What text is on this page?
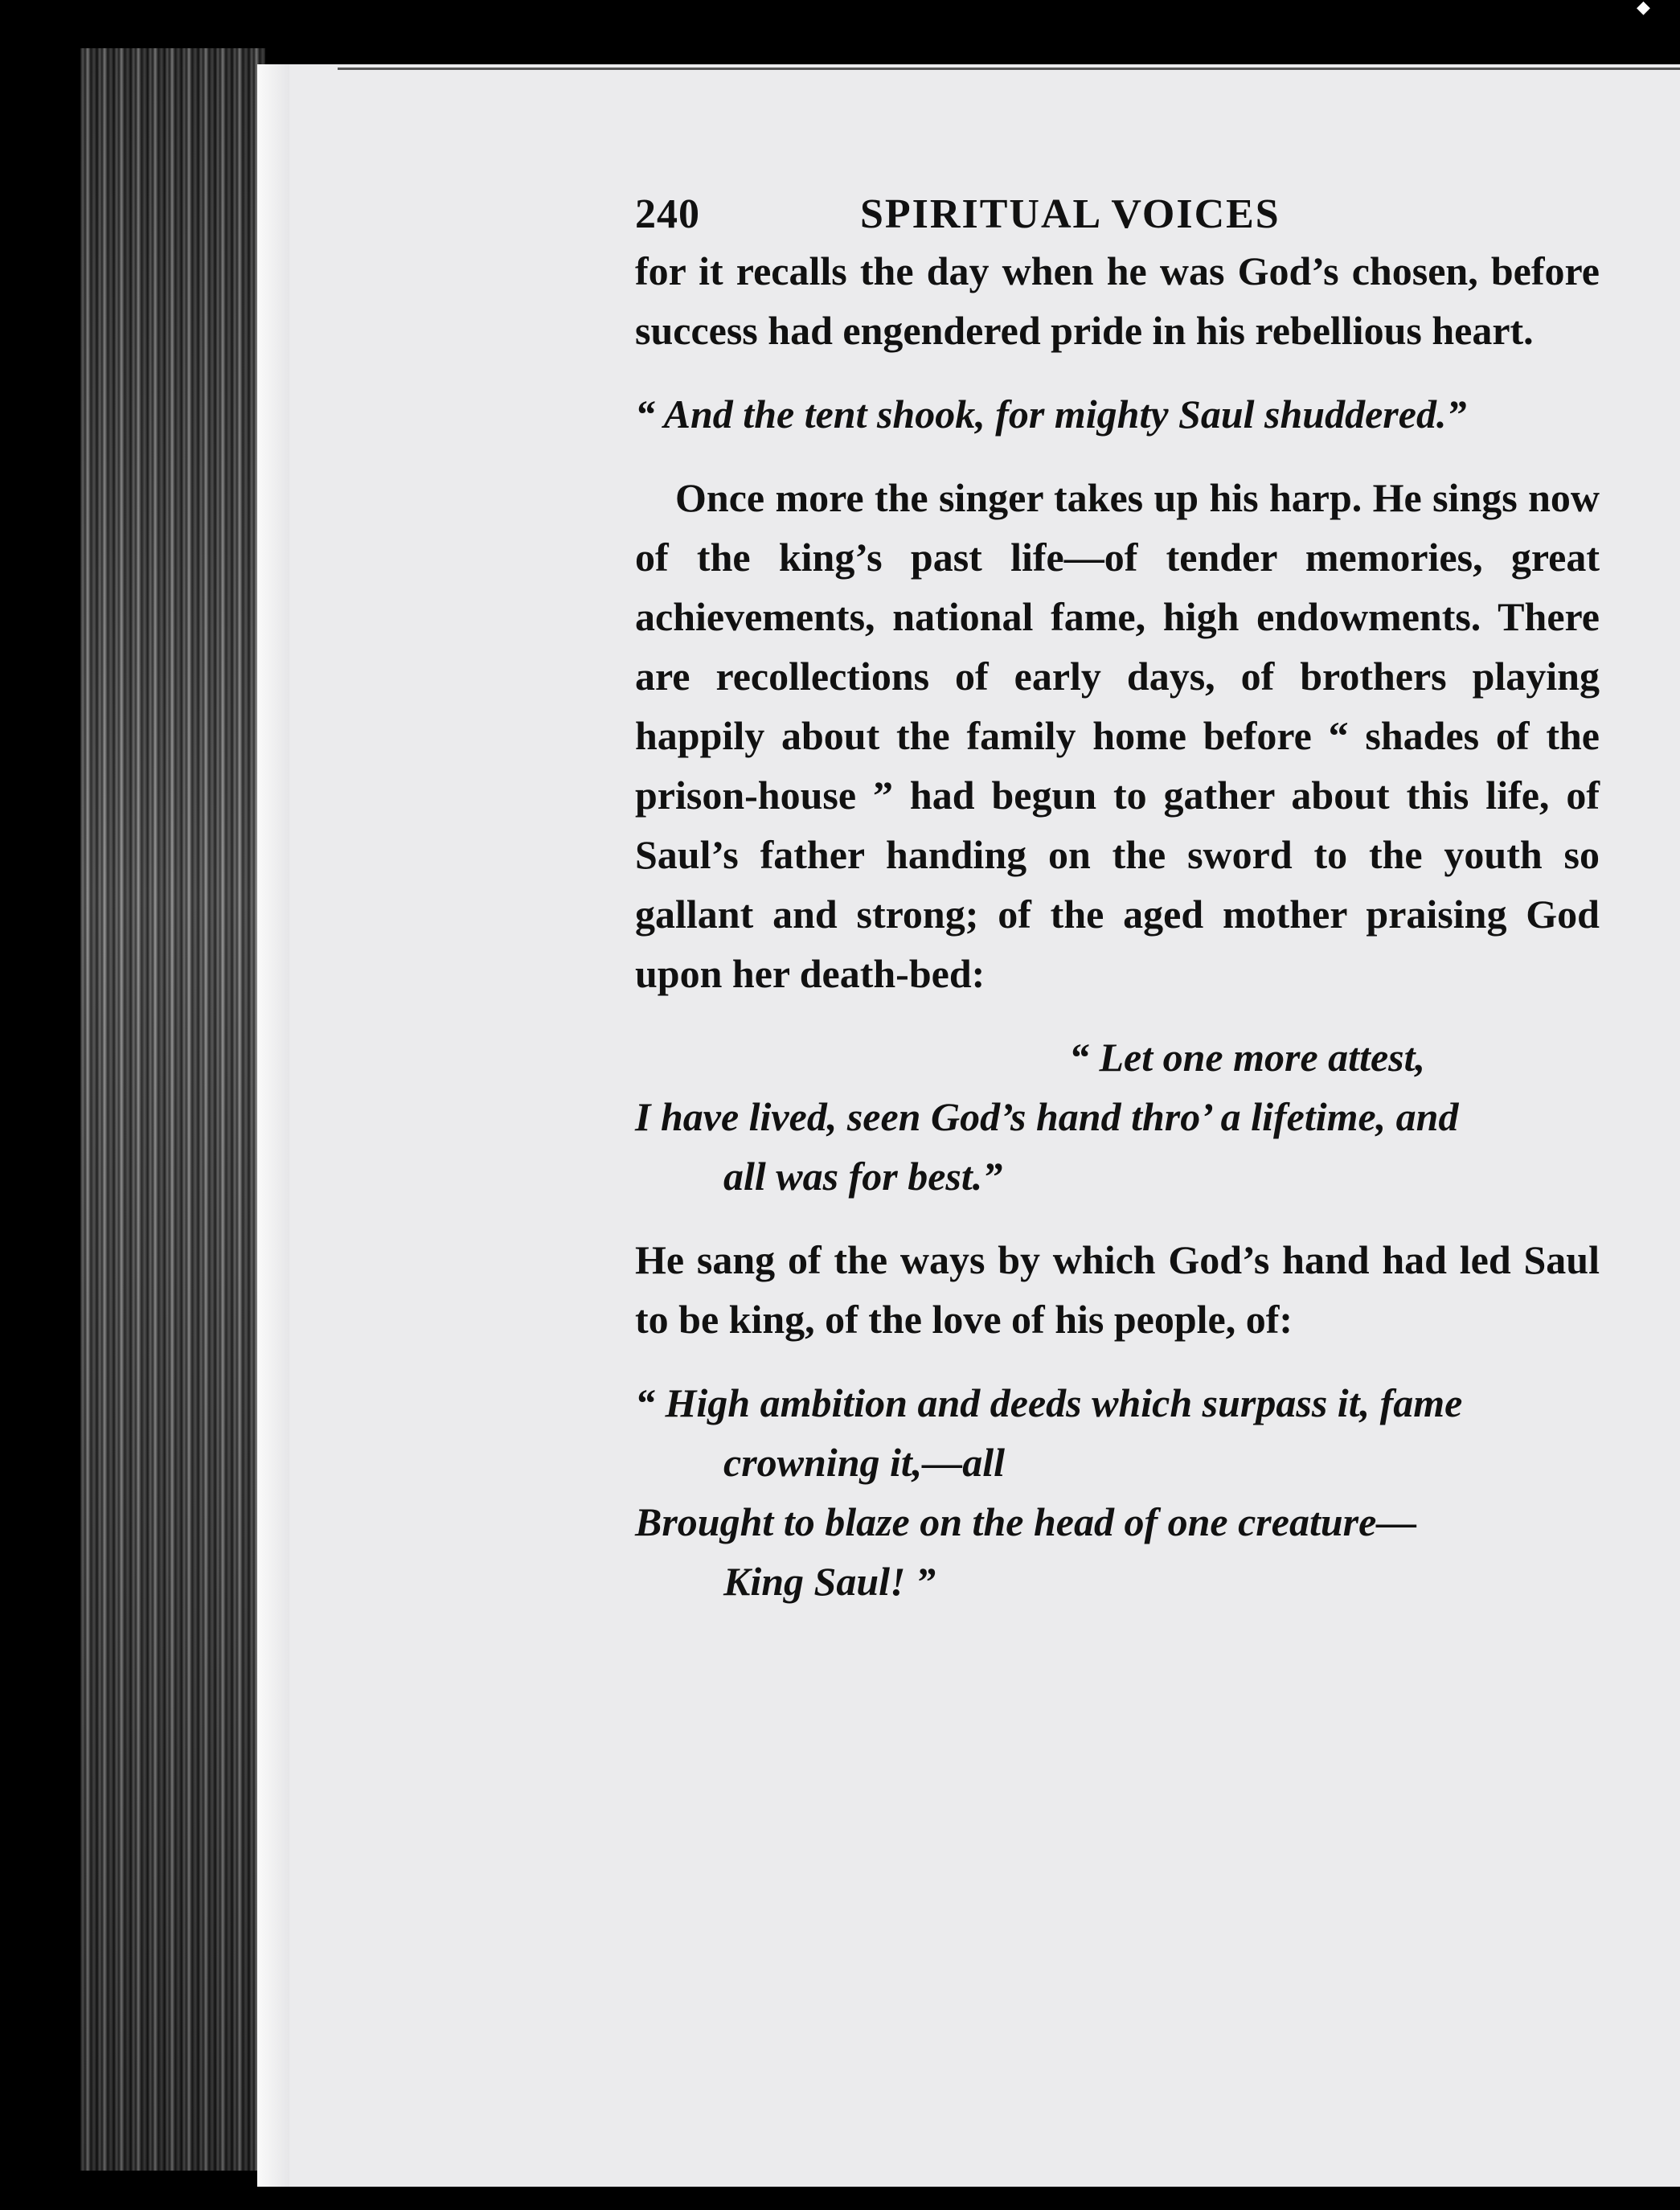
◆
240	SPIRITUAL VOICES

for it recalls the day when he was God’s chosen, before success had engendered pride in his rebellious heart.

“ And the tent shook, for mighty Saul shuddered.”

Once more the singer takes up his harp. He sings now of the king’s past life—of tender memories, great achievements, national fame, high endowments. There are recollections of early days, of brothers playing happily about the family home before “ shades of the prison-house ” had begun to gather about this life, of Saul’s father handing on the sword to the youth so gallant and strong; of the aged mother praising God upon her death-bed:

“ Let one more attest,
I have lived, seen God’s hand thro’ a lifetime, and
all was for best.”

He sang of the ways by which God’s hand had led Saul to be king, of the love of his people, of:

“ High ambition and deeds which surpass it, fame
crowning it,—all
Brought to blaze on the head of one creature—
King Saul! ”
